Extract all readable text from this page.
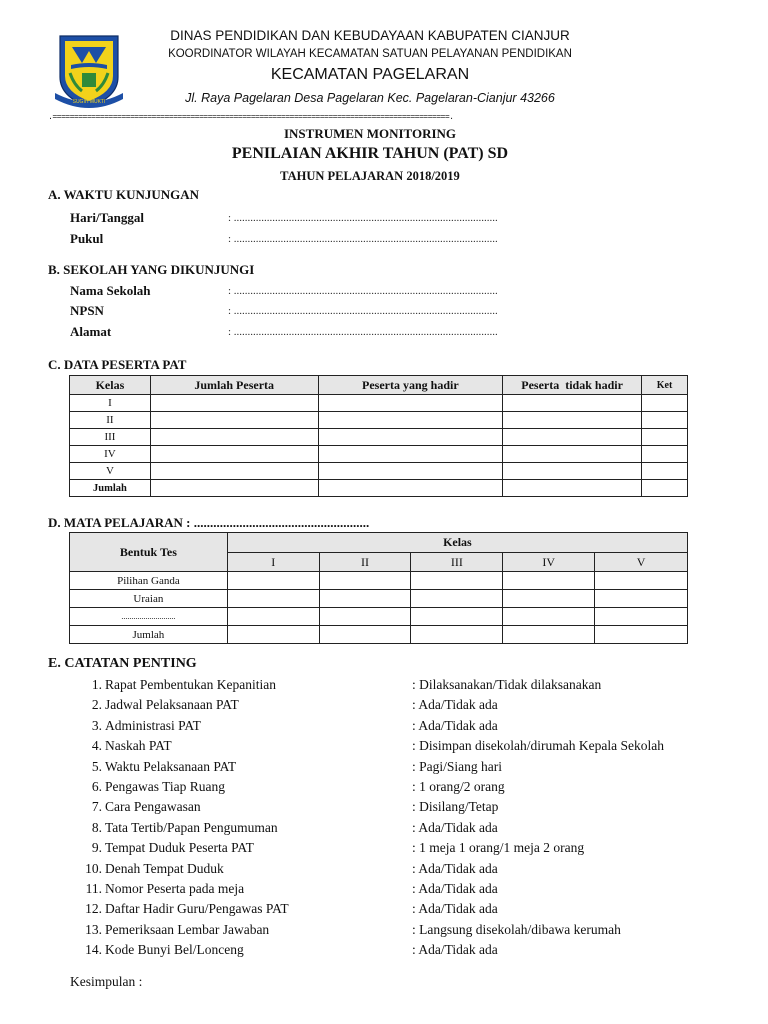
SUGIH MUKTI
DINAS PENDIDIKAN DAN KEBUDAYAAN KABUPATEN CIANJUR
KOORDINATOR WILAYAH KECAMATAN SATUAN PELAYANAN PENDIDIKAN
KECAMATAN PAGELARAN
Jl. Raya Pagelaran Desa Pagelaran Kec. Pagelaran-Cianjur 43266
.============================================================================================.
INSTRUMEN MONITORING
PENILAIAN AKHIR TAHUN (PAT) SD
TAHUN PELAJARAN 2018/2019
A. WAKTU KUNJUNGAN
Hari/Tanggal	: ................................................................................................
Pukul	: ................................................................................................
B. SEKOLAH YANG DIKUNJUNGI
Nama Sekolah	: ................................................................................................
NPSN	: ................................................................................................
Alamat	: ................................................................................................
C. DATA PESERTA PAT
Kelas	Jumlah Peserta	Peserta yang hadir	Peserta  tidak hadir	Ket
I				
II				
III				
IV				
V				
Jumlah				
D. MATA PELAJARAN : ......................................................
Bentuk Tes	Kelas				
	I	II	III	IV	V
Pilihan Ganda					
Uraian					
...........................					
Jumlah					
E. CATATAN PENTING
1. Rapat Pembentukan Kepanitian	: Dilaksanakan/Tidak dilaksanakan
2. Jadwal Pelaksanaan PAT	: Ada/Tidak ada
3. Administrasi PAT	: Ada/Tidak ada
4. Naskah PAT	: Disimpan disekolah/dirumah Kepala Sekolah
5. Waktu Pelaksanaan PAT	: Pagi/Siang hari
6. Pengawas Tiap Ruang	: 1 orang/2 orang
7. Cara Pengawasan	: Disilang/Tetap
8. Tata Tertib/Papan Pengumuman	: Ada/Tidak ada
9. Tempat Duduk Peserta PAT	: 1 meja 1 orang/1 meja 2 orang
10. Denah Tempat Duduk	: Ada/Tidak ada
11. Nomor Peserta pada meja	: Ada/Tidak ada
12. Daftar Hadir Guru/Pengawas PAT	: Ada/Tidak ada
13. Pemeriksaan Lembar Jawaban	: Langsung disekolah/dibawa kerumah
14. Kode Bunyi Bel/Lonceng	: Ada/Tidak ada
Kesimpulan :
